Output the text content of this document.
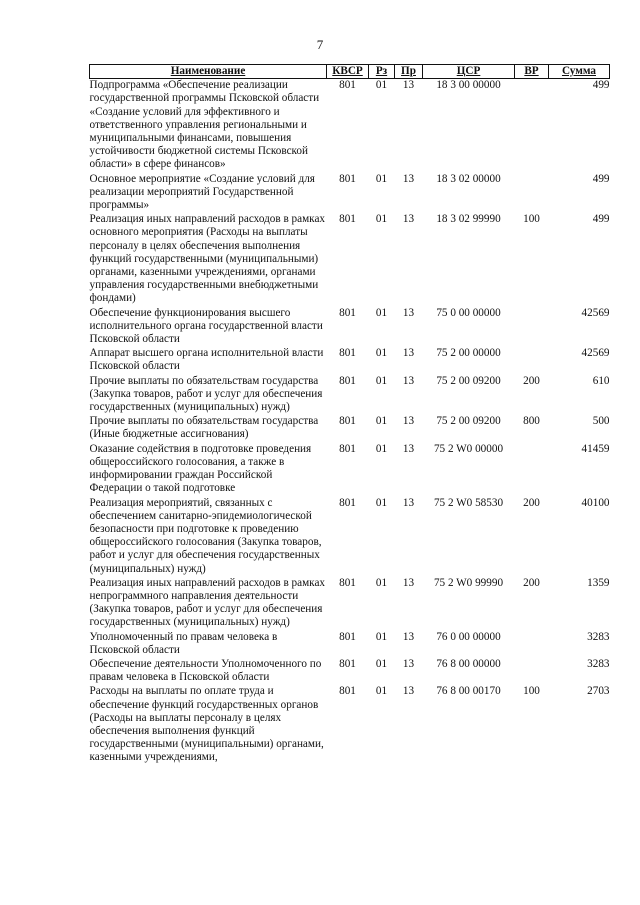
7
Наименование	КВСР	Рз	Пр	ЦСР	ВР	Сумма
Подпрограмма «Обеспечение реализации государственной программы Псковской области «Создание условий для эффективного и ответственного управления региональными и муниципальными финансами, повышения устойчивости бюджетной системы Псковской области» в сфере финансов»	801	01	13	18 3 00 00000		499
Основное мероприятие «Создание условий для реализации мероприятий Государственной программы»	801	01	13	18 3 02 00000		499
Реализация иных направлений расходов в рамках основного мероприятия (Расходы на выплаты персоналу в целях обеспечения выполнения функций государственными (муниципальными) органами, казенными учреждениями, органами управления государственными внебюджетными фондами)	801	01	13	18 3 02 99990	100	499
Обеспечение функционирования высшего исполнительного органа государственной власти Псковской области	801	01	13	75 0 00 00000		42569
Аппарат высшего органа исполнительной власти Псковской области	801	01	13	75 2 00 00000		42569
Прочие выплаты по обязательствам государства (Закупка товаров, работ и услуг для обеспечения государственных (муниципальных) нужд)	801	01	13	75 2 00 09200	200	610
Прочие выплаты по обязательствам государства (Иные бюджетные ассигнования)	801	01	13	75 2 00 09200	800	500
Оказание содействия в подготовке проведения общероссийского голосования, а также в информировании граждан Российской Федерации о такой подготовке	801	01	13	75 2 W0 00000		41459
Реализация мероприятий, связанных с обеспечением санитарно-эпидемиологической безопасности при подготовке к проведению общероссийского голосования (Закупка товаров, работ и услуг для обеспечения государственных (муниципальных) нужд)	801	01	13	75 2 W0 58530	200	40100
Реализация иных направлений расходов в рамках непрограммного направления деятельности (Закупка товаров, работ и услуг для обеспечения государственных (муниципальных) нужд)	801	01	13	75 2 W0 99990	200	1359
Уполномоченный по правам человека в Псковской области	801	01	13	76 0 00 00000		3283
Обеспечение деятельности Уполномоченного по правам человека в Псковской области	801	01	13	76 8 00 00000		3283
Расходы на выплаты по оплате труда и обеспечение функций государственных органов (Расходы на выплаты персоналу в целях обеспечения выполнения функций государственными (муниципальными) органами, казенными учреждениями,	801	01	13	76 8 00 00170	100	2703
